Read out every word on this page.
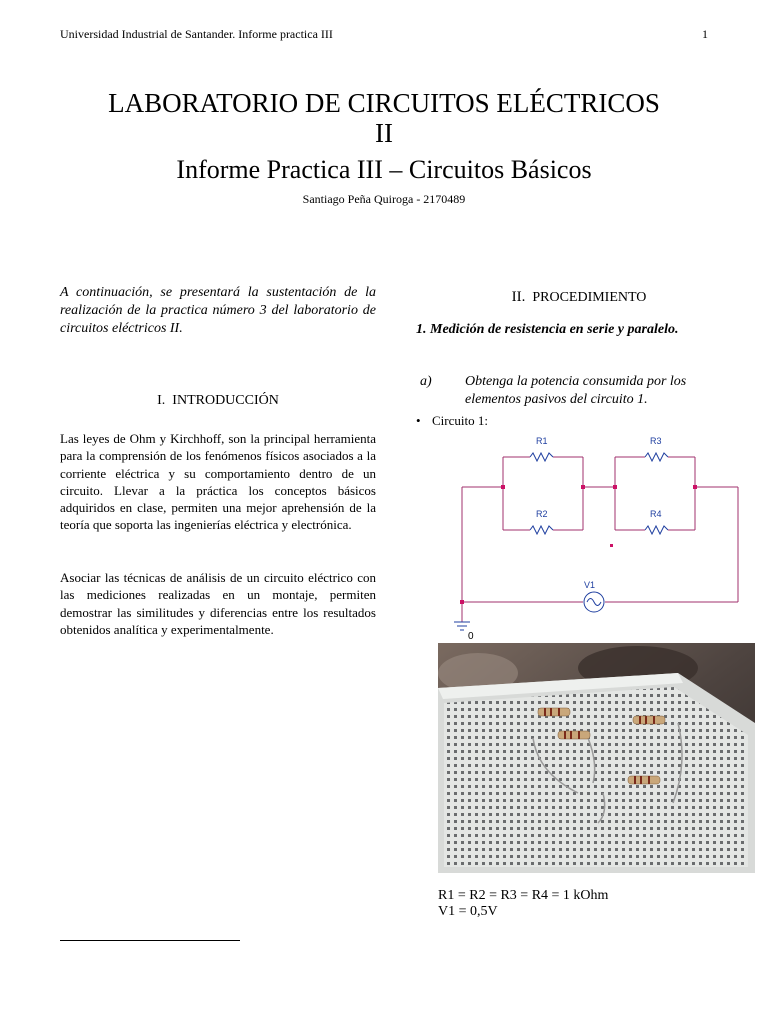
Universidad Industrial de Santander. Informe practica III	1
LABORATORIO DE CIRCUITOS ELÉCTRICOS
II
Informe Practica III – Circuitos Básicos
Santiago Peña Quiroga - 2170489
A continuación, se presentará la sustentación de la realización de la practica número 3 del laboratorio de circuitos eléctricos II.
I. INTRODUCCIÓN
Las leyes de Ohm y Kirchhoff, son la principal herramienta para la comprensión de los fenómenos físicos asociados a la corriente eléctrica y su comportamiento dentro de un circuito. Llevar a la práctica los conceptos básicos adquiridos en clase, permiten una mejor aprehensión de la teoría que soporta las ingenierías eléctrica y electrónica.
Asociar las técnicas de análisis de un circuito eléctrico con las mediciones realizadas en un montaje, permiten demostrar las similitudes y diferencias entre los resultados obtenidos analítica y experimentalmente.
II. PROCEDIMIENTO
1. Medición de resistencia en serie y paralelo.
a) Obtenga la potencia consumida por los elementos pasivos del circuito 1.
• Circuito 1:
R1
R2
R3
R4
V1
0
R1 = R2 = R3 = R4 = 1 kOhm
V1 = 0,5V
